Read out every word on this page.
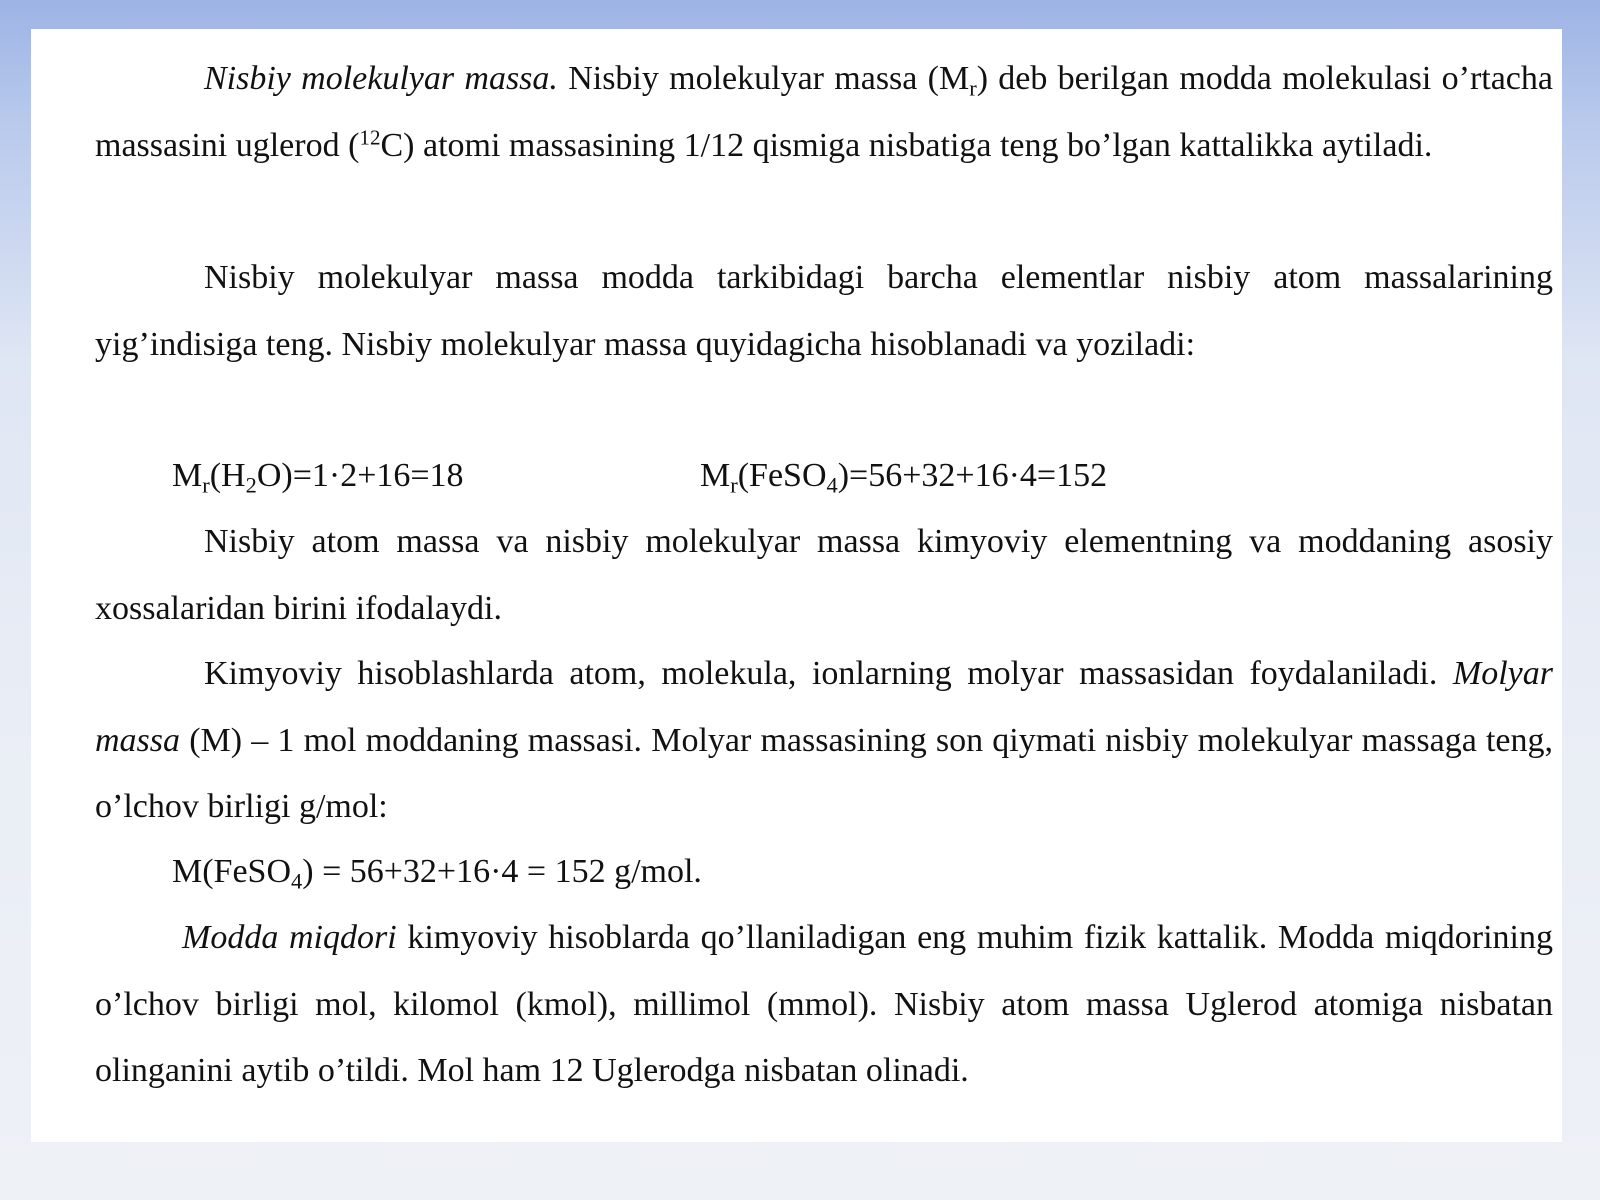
Nisbiy molekulyar massa. Nisbiy molekulyar massa $(M_r)$ deb berilgan modda molekulasi o’rtacha massasini uglerod ($^{12}$C) atomi massasining 1/12 qismiga nisbatiga teng bo’lgan kattalikka aytiladi.
Nisbiy molekulyar massa modda tarkibidagi barcha elementlar nisbiy atom massalarining yig’indisiga teng. Nisbiy molekulyar massa quyidagicha hisoblanadi va yoziladi:
$M_r(H_2O)=1\cdot 2+16=18$	$M_r(FeSO_4)=56+32+16\cdot 4=152$
Nisbiy atom massa va nisbiy molekulyar massa kimyoviy elementning va moddaning asosiy xossalaridan birini ifodalaydi.
Kimyoviy hisoblashlarda atom, molekula, ionlarning molyar massasidan foydalaniladi. Molyar massa (M) – 1 mol moddaning massasi. Molyar massasining son qiymati nisbiy molekulyar massaga teng, o’lchov birligi g/mol:
M(FeSO$_4$) = 56+32+16·4 = 152 g/mol.
Modda miqdori kimyoviy hisoblarda qo’llaniladigan eng muhim fizik kattalik. Modda miqdorining o’lchov birligi mol, kilomol (kmol), millimol (mmol). Nisbiy atom massa Uglerod atomiga nisbatan olinganini aytib o’tildi. Mol ham 12 Uglerodga nisbatan olinadi.
